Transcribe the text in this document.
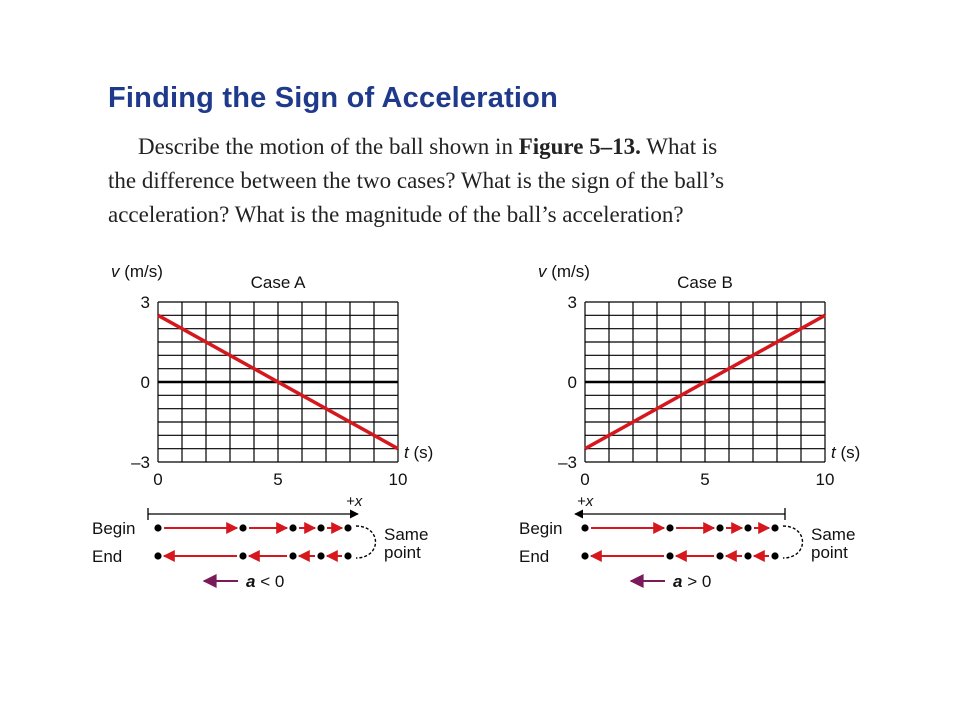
Finding the Sign of Acceleration
Describe the motion of the ball shown in Figure 5–13. What is
the difference between the two cases? What is the sign of the ball’s
acceleration? What is the magnitude of the ball’s acceleration?
Case A
v (m/s)
3
0
–3
0	5	10
t (s)
+x
Begin
End
Same
point
a < 0
Case B
v (m/s)
3
0
–3
0	5	10
t (s)
+x
Begin
End
Same
point
a > 0
